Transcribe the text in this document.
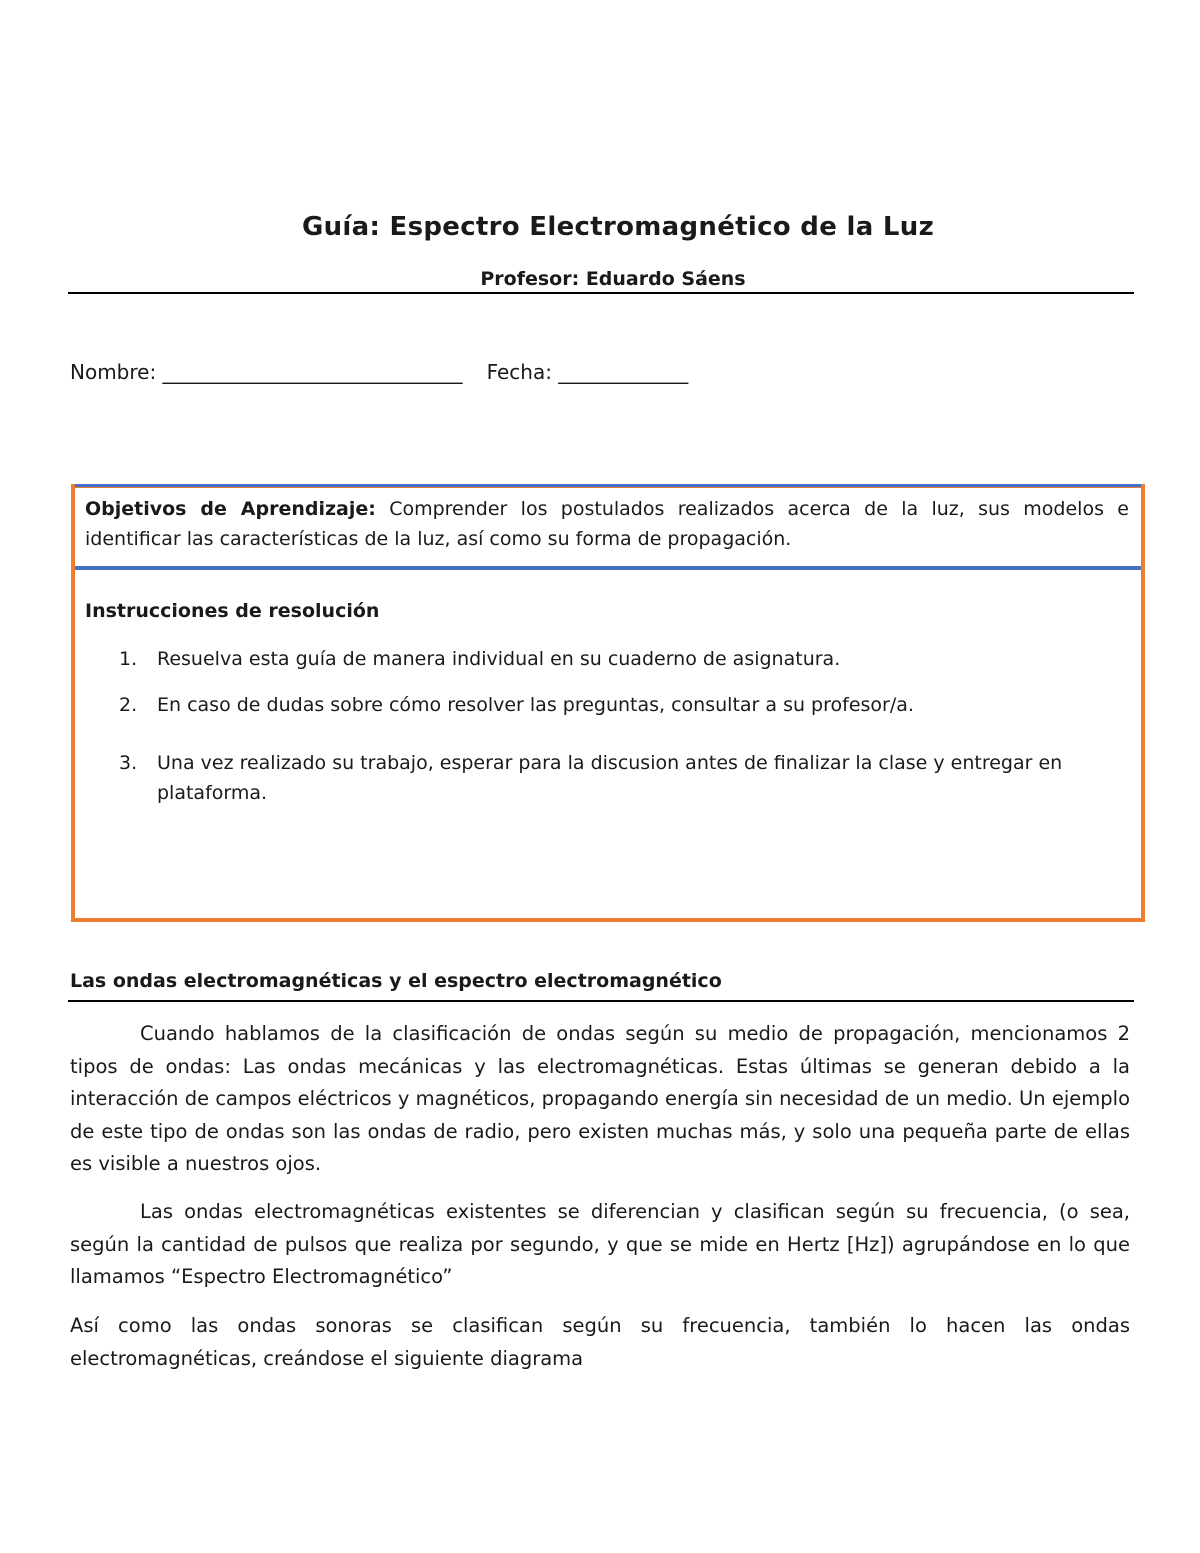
Guía: Espectro Electromagnético de la Luz
Profesor: Eduardo Sáens
Nombre: ______________________________ Fecha: _____________
Objetivos de Aprendizaje: Comprender los postulados realizados acerca de la luz, sus modelos e identificar las características de la luz, así como su forma de propagación.
Instrucciones de resolución
1. Resuelva esta guía de manera individual en su cuaderno de asignatura.
2. En caso de dudas sobre cómo resolver las preguntas, consultar a su profesor/a.
3. Una vez realizado su trabajo, esperar para la discusion antes de finalizar la clase y entregar en plataforma.
Las ondas electromagnéticas y el espectro electromagnético
Cuando hablamos de la clasificación de ondas según su medio de propagación, mencionamos 2 tipos de ondas: Las ondas mecánicas y las electromagnéticas. Estas últimas se generan debido a la interacción de campos eléctricos y magnéticos, propagando energía sin necesidad de un medio. Un ejemplo de este tipo de ondas son las ondas de radio, pero existen muchas más, y solo una pequeña parte de ellas es visible a nuestros ojos.
Las ondas electromagnéticas existentes se diferencian y clasifican según su frecuencia, (o sea, según la cantidad de pulsos que realiza por segundo, y que se mide en Hertz [Hz]) agrupándose en lo que llamamos “Espectro Electromagnético”
Así como las ondas sonoras se clasifican según su frecuencia, también lo hacen las ondas electromagnéticas, creándose el siguiente diagrama
